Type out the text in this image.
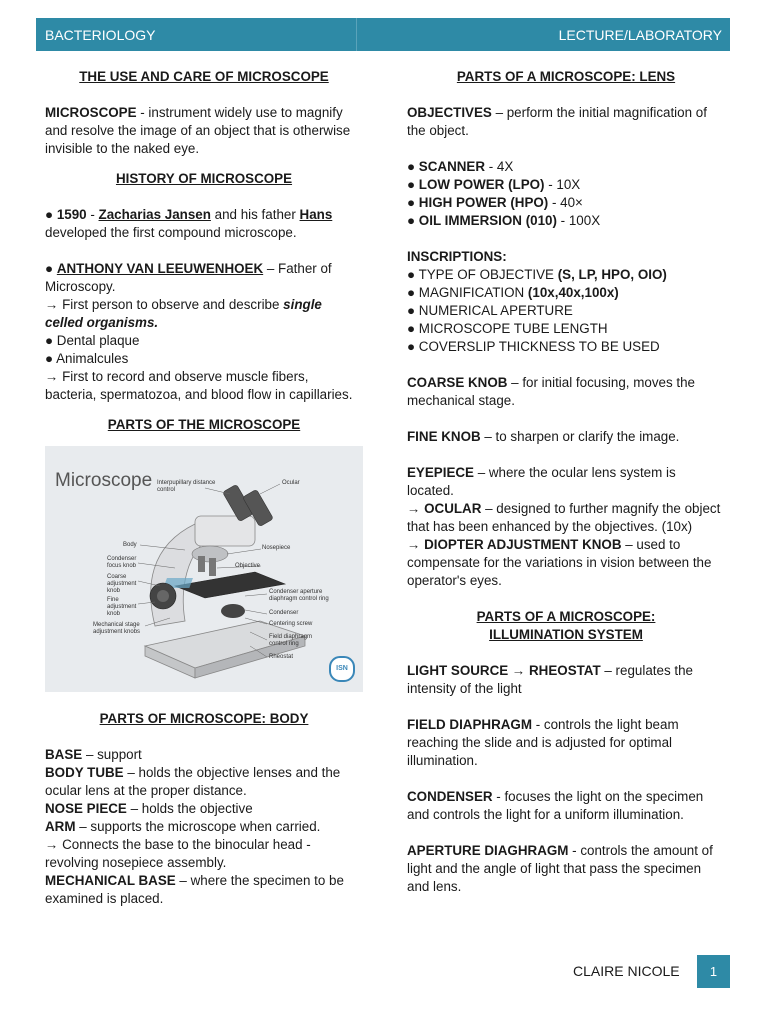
BACTERIOLOGY	LECTURE/LABORATORY
THE USE AND CARE OF MICROSCOPE
MICROSCOPE - instrument widely use to magnify and resolve the image of an object that is otherwise invisible to the naked eye.
HISTORY OF MICROSCOPE
● 1590 - Zacharias Jansen and his father Hans developed the first compound microscope.
● ANTHONY VAN LEEUWENHOEK – Father of Microscopy.
→ First person to observe and describe single celled organisms.
● Dental plaque
● Animalcules
→ First to record and observe muscle fibers, bacteria, spermatozoa, and blood flow in capillaries.
PARTS OF THE MICROSCOPE
Microscope Interpupillary distance control
Ocular
Body	Nosepiece
Condenser focus knob	Objective
Coarse adjustment knob
Fine adjustment knob
Mechanical stage adjustment knobs
Condenser aperture diaphragm control ring
Condenser
Centering screw
Field diaphragm control ring
Rheostat
ISN
PARTS OF MICROSCOPE: BODY
BASE – support
BODY TUBE – holds the objective lenses and the ocular lens at the proper distance.
NOSE PIECE – holds the objective
ARM – supports the microscope when carried.
→ Connects the base to the binocular head - revolving nosepiece assembly.
MECHANICAL BASE – where the specimen to be examined is placed.
PARTS OF A MICROSCOPE: LENS
OBJECTIVES – perform the initial magnification of the object.
● SCANNER - 4X
● LOW POWER (LPO) - 10X
● HIGH POWER (HPO) - 40×
● OIL IMMERSION (010) - 100X
INSCRIPTIONS:
● TYPE OF OBJECTIVE (S, LP, HPO, OIO)
● MAGNIFICATION (10x,40x,100x)
● NUMERICAL APERTURE
● MICROSCOPE TUBE LENGTH
● COVERSLIP THICKNESS TO BE USED
COARSE KNOB – for initial focusing, moves the mechanical stage.
FINE KNOB – to sharpen or clarify the image.
EYEPIECE – where the ocular lens system is located.
→ OCULAR – designed to further magnify the object that has been enhanced by the objectives. (10x)
→ DIOPTER ADJUSTMENT KNOB – used to compensate for the variations in vision between the operator's eyes.
PARTS OF A MICROSCOPE:
ILLUMINATION SYSTEM
LIGHT SOURCE → RHEOSTAT – regulates the intensity of the light
FIELD DIAPHRAGM - controls the light beam reaching the slide and is adjusted for optimal illumination.
CONDENSER - focuses the light on the specimen and controls the light for a uniform illumination.
APERTURE DIAGHRAGM - controls the amount of light and the angle of light that pass the specimen and lens.
CLAIRE NICOLE	1
